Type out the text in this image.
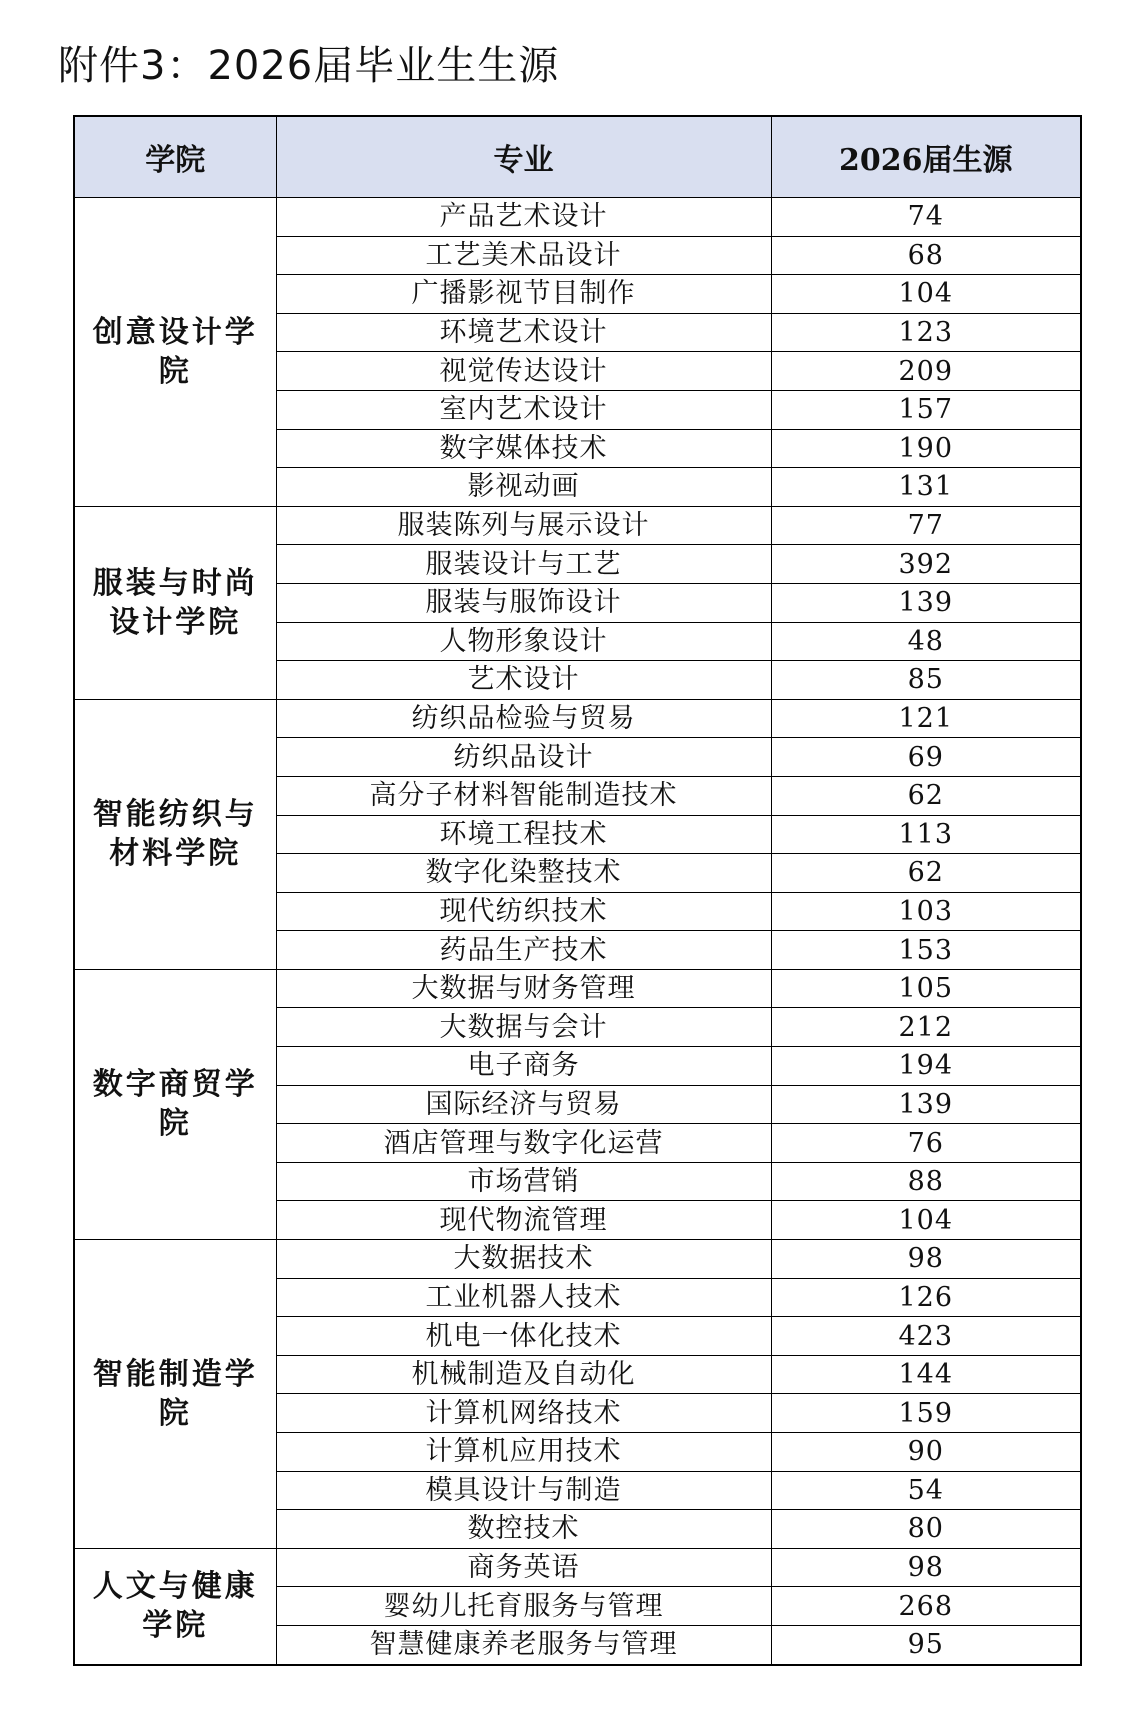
附件3：2026届毕业生生源
学院	专业	2026届生源
创意设计学院	产品艺术设计	74
	工艺美术品设计	68
	广播影视节目制作	104
	环境艺术设计	123
	视觉传达设计	209
	室内艺术设计	157
	数字媒体技术	190
	影视动画	131
服装与时尚设计学院	服装陈列与展示设计	77
	服装设计与工艺	392
	服装与服饰设计	139
	人物形象设计	48
	艺术设计	85
智能纺织与材料学院	纺织品检验与贸易	121
	纺织品设计	69
	高分子材料智能制造技术	62
	环境工程技术	113
	数字化染整技术	62
	现代纺织技术	103
	药品生产技术	153
数字商贸学院	大数据与财务管理	105
	大数据与会计	212
	电子商务	194
	国际经济与贸易	139
	酒店管理与数字化运营	76
	市场营销	88
	现代物流管理	104
智能制造学院	大数据技术	98
	工业机器人技术	126
	机电一体化技术	423
	机械制造及自动化	144
	计算机网络技术	159
	计算机应用技术	90
	模具设计与制造	54
	数控技术	80
人文与健康学院	商务英语	98
	婴幼儿托育服务与管理	268
	智慧健康养老服务与管理	95
